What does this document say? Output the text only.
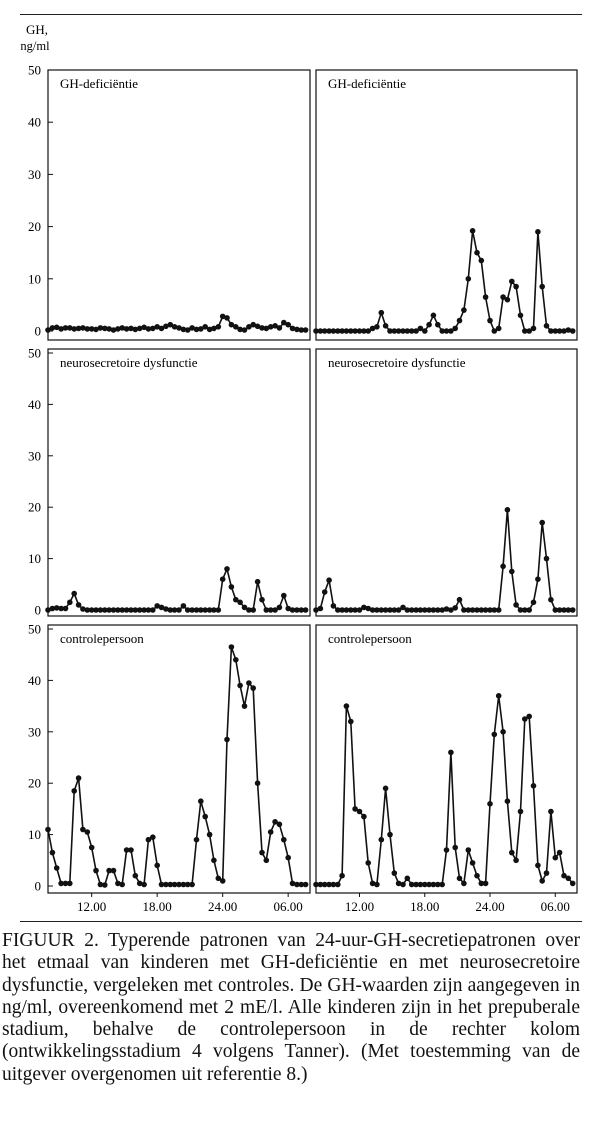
GH,
ng/ml
0
10
20
30
40
50
GH-deficiëntie	GH-deficiëntie
0
10
20
30
40
50
neurosecretoire dysfunctie	neurosecretoire dysfunctie
0
10
20
30
40
50
controlepersoon	controlepersoon
12.00	18.00	24.00	06.00	12.00	18.00	24.00	06.00

FIGUUR 2. Typerende patronen van 24-uur-GH-secretiepatronen over het etmaal van kinderen met GH-deficiëntie en met neurosecretoire dysfunctie, vergeleken met controles. De GH-waarden zijn aangegeven in ng/ml, overeenkomend met 2 mE/l. Alle kinderen zijn in het prepuberale stadium, behalve de controlepersoon in de rechter kolom (ontwikkelingsstadium 4 volgens Tanner). (Met toestemming van de uitgever overgenomen uit referentie 8.)
